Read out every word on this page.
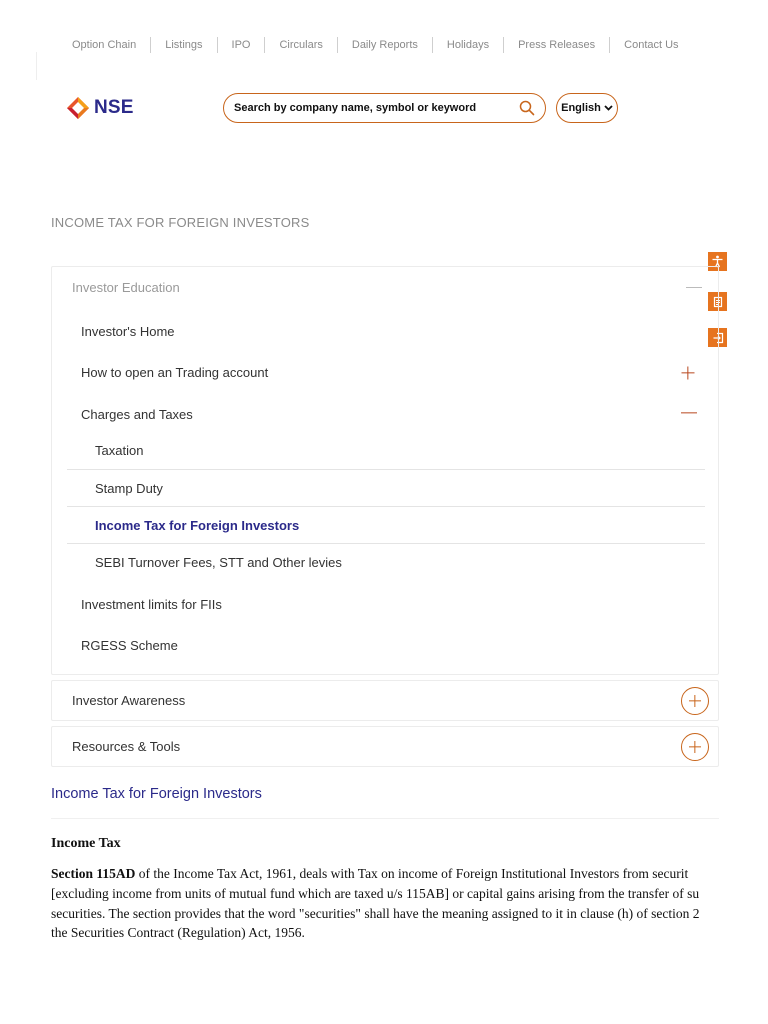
Option Chain	Listings	IPO	Circulars	Daily Reports	Holidays	Press Releases	Contact Us
NSE
Search by company name, symbol or keyword	English
INCOME TAX FOR FOREIGN INVESTORS
Investor Education
Investor's Home
How to open an Trading account
Charges and Taxes
Taxation
Stamp Duty
Income Tax for Foreign Investors
SEBI Turnover Fees, STT and Other levies
Investment limits for FIIs
RGESS Scheme
Investor Awareness
Resources & Tools
Income Tax for Foreign Investors
Income Tax
Section 115AD of the Income Tax Act, 1961, deals with Tax on income of Foreign Institutional Investors from securit
[excluding income from units of mutual fund which are taxed u/s 115AB] or capital gains arising from the transfer of su
securities. The section provides that the word "securities" shall have the meaning assigned to it in clause (h) of section 2
the Securities Contract (Regulation) Act, 1956.
